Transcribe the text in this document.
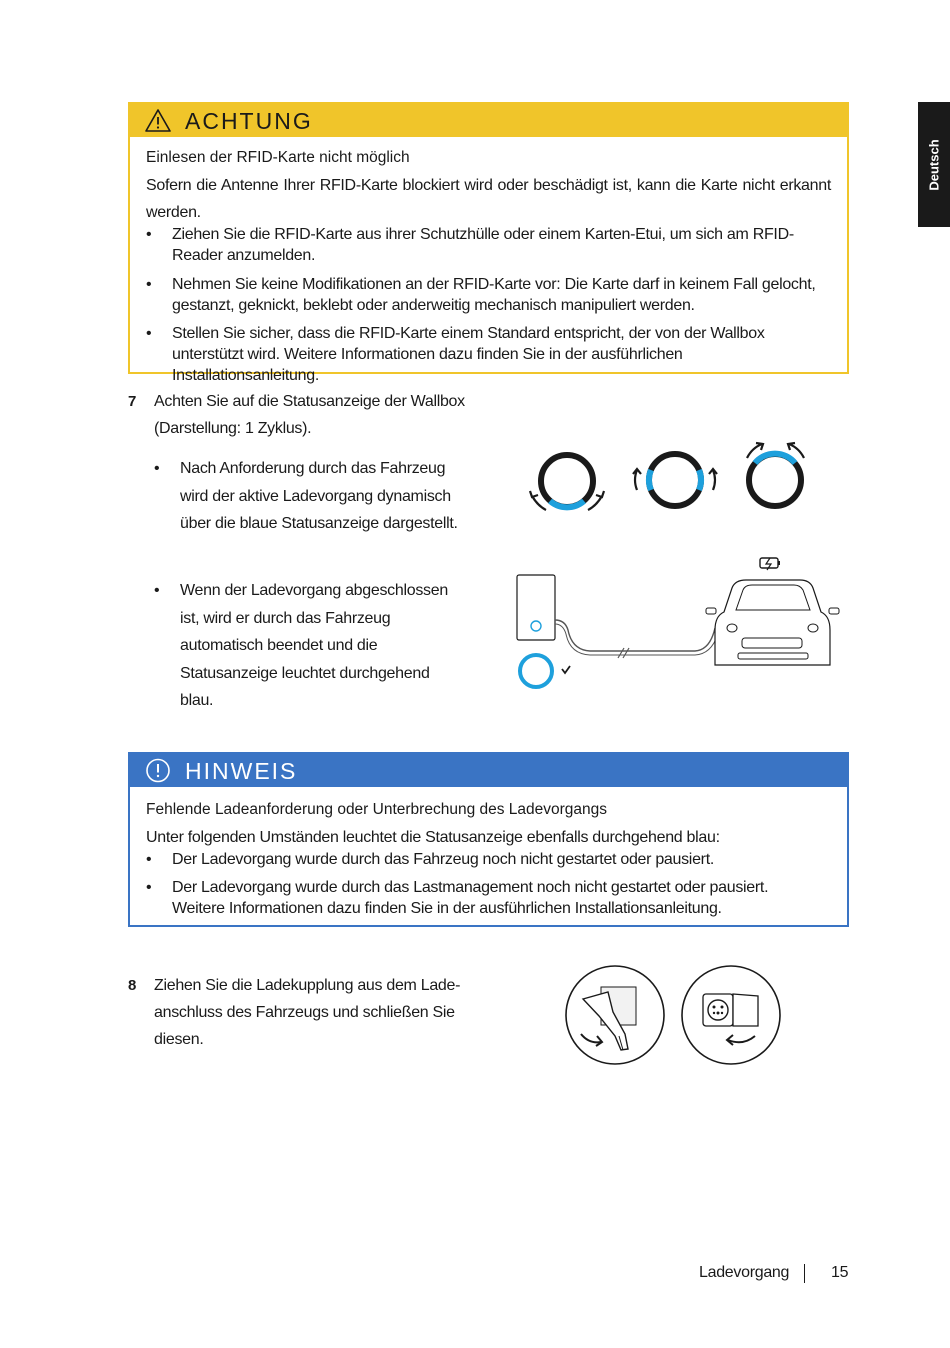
Deutsch
ACHTUNG
Einlesen der RFID-Karte nicht möglich
Sofern die Antenne Ihrer RFID-Karte blockiert wird oder beschädigt ist, kann die Karte nicht erkannt werden.
• Ziehen Sie die RFID-Karte aus ihrer Schutzhülle oder einem Karten-Etui, um sich am RFID-Reader anzumelden.
• Nehmen Sie keine Modifikationen an der RFID-Karte vor: Die Karte darf in keinem Fall gelocht, gestanzt, geknickt, beklebt oder anderweitig mechanisch manipuliert werden.
• Stellen Sie sicher, dass die RFID-Karte einem Standard entspricht, der von der Wallbox unterstützt wird. Weitere Informationen dazu finden Sie in der ausführlichen Installationsanleitung.
7 Achten Sie auf die Statusanzeige der Wallbox
(Darstellung: 1 Zyklus).
• Nach Anforderung durch das Fahrzeug wird der aktive Ladevorgang dynamisch über die blaue Statusanzeige dargestellt.
• Wenn der Ladevorgang abgeschlossen ist, wird er durch das Fahrzeug automatisch beendet und die Statusanzeige leuchtet durchgehend blau.
HINWEIS
Fehlende Ladeanforderung oder Unterbrechung des Ladevorgangs
Unter folgenden Umständen leuchtet die Statusanzeige ebenfalls durchgehend blau:
• Der Ladevorgang wurde durch das Fahrzeug noch nicht gestartet oder pausiert.
• Der Ladevorgang wurde durch das Lastmanagement noch nicht gestartet oder pausiert. Weitere Informationen dazu finden Sie in der ausführlichen Installationsanleitung.
8 Ziehen Sie die Ladekupplung aus dem Lade-
anschluss des Fahrzeugs und schließen Sie
diesen.
Ladevorgang	15
